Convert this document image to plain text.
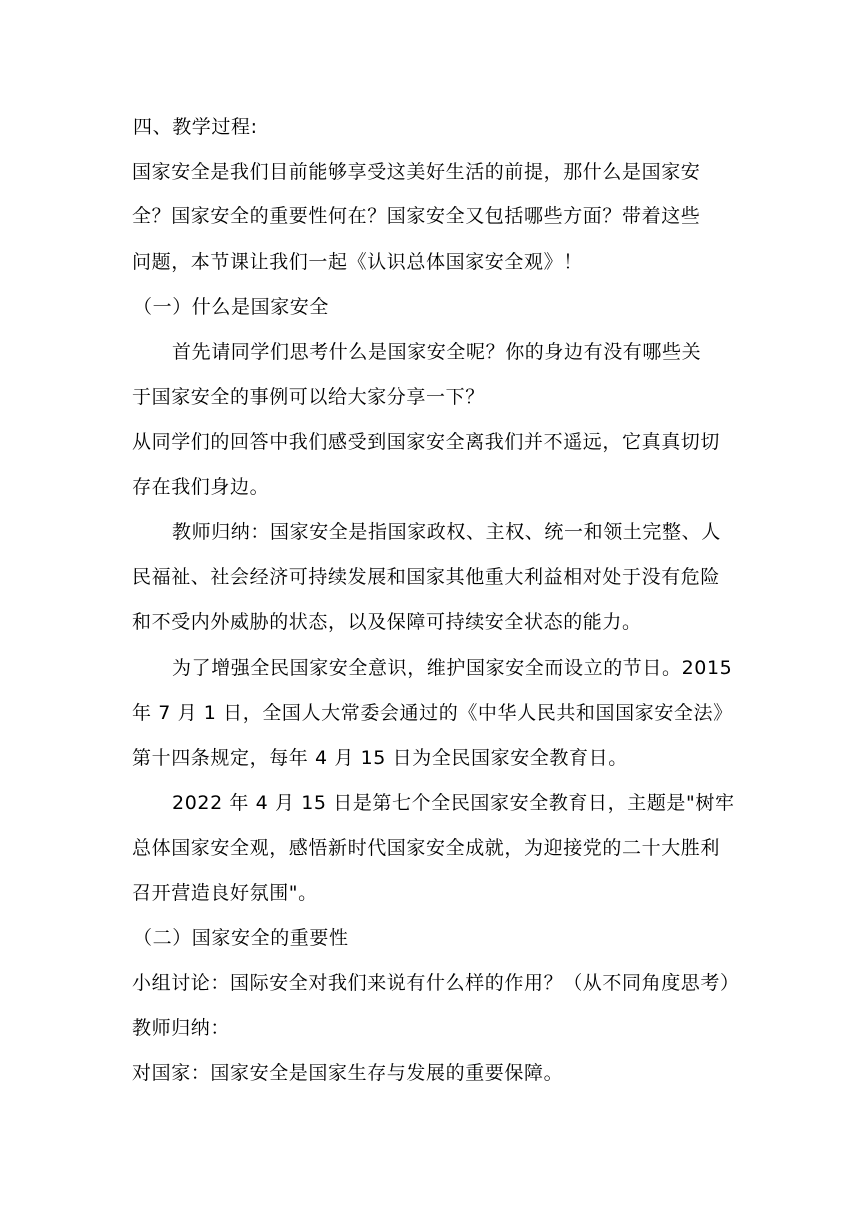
四、教学过程:
国家安全是我们目前能够享受这美好生活的前提，那什么是国家安
全？国家安全的重要性何在？国家安全又包括哪些方面？带着这些
问题，本节课让我们一起《认识总体国家安全观》！
（一）什么是国家安全
首先请同学们思考什么是国家安全呢？你的身边有没有哪些关
于国家安全的事例可以给大家分享一下？
从同学们的回答中我们感受到国家安全离我们并不遥远，它真真切切
存在我们身边。
教师归纳：国家安全是指国家政权、主权、统一和领土完整、人
民福祉、社会经济可持续发展和国家其他重大利益相对处于没有危险
和不受内外威胁的状态，以及保障可持续安全状态的能力。
为了增强全民国家安全意识，维护国家安全而设立的节日。2015
年 7 月 1 日，全国人大常委会通过的《中华人民共和国国家安全法》
第十四条规定，每年 4 月 15 日为全民国家安全教育日。
2022 年 4 月 15 日是第七个全民国家安全教育日，主题是"树牢
总体国家安全观，感悟新时代国家安全成就，为迎接党的二十大胜利
召开营造良好氛围"。
（二）国家安全的重要性
小组讨论：国际安全对我们来说有什么样的作用？（从不同角度思考）
教师归纳：
对国家：国家安全是国家生存与发展的重要保障。
